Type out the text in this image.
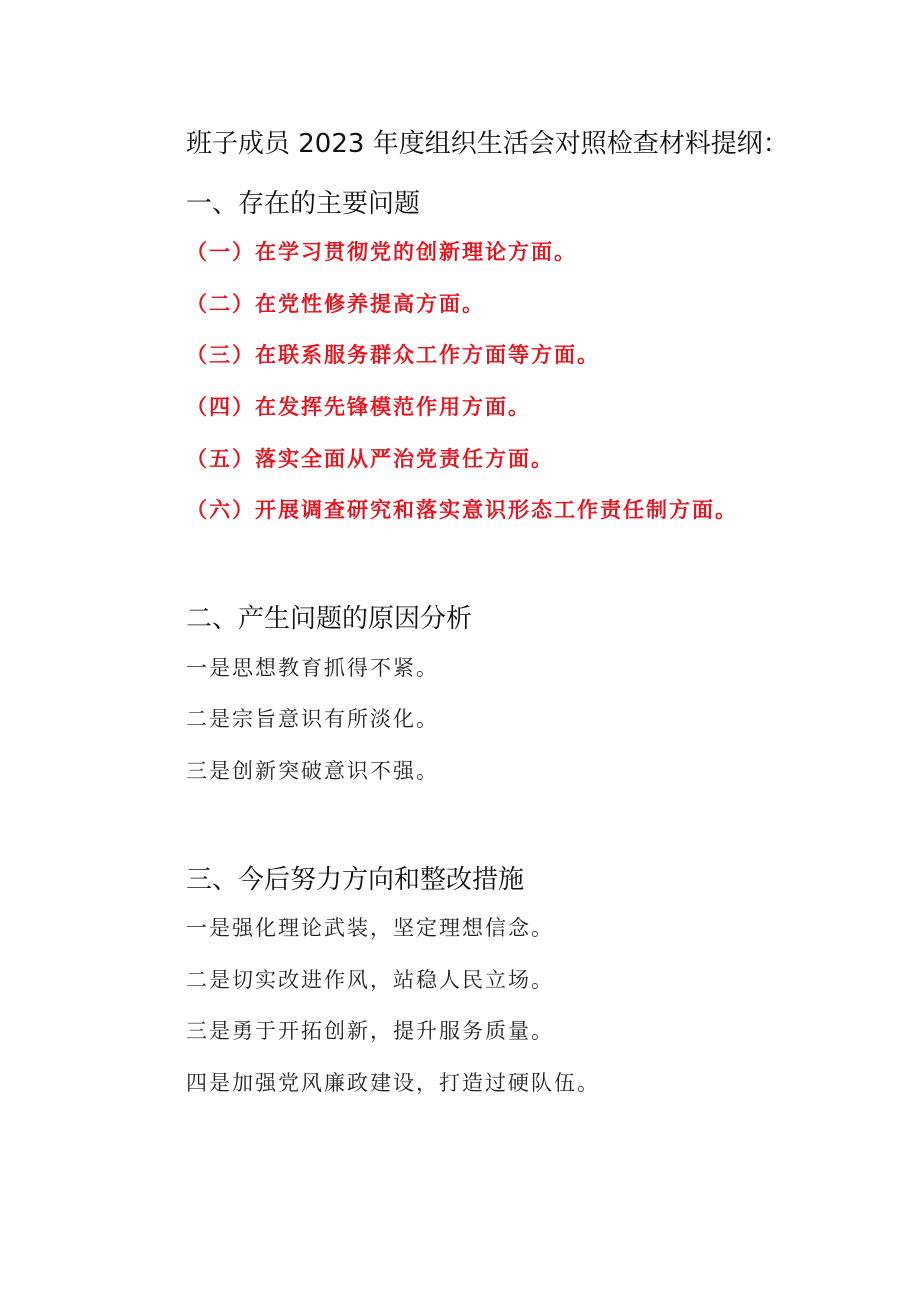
班子成员 2023 年度组织生活会对照检查材料提纲：
一、存在的主要问题
（一）在学习贯彻党的创新理论方面。
（二）在党性修养提高方面。
（三）在联系服务群众工作方面等方面。
（四）在发挥先锋模范作用方面。
（五）落实全面从严治党责任方面。
（六）开展调查研究和落实意识形态工作责任制方面。
二、产生问题的原因分析
一是思想教育抓得不紧。
二是宗旨意识有所淡化。
三是创新突破意识不强。
三、今后努力方向和整改措施
一是强化理论武装，坚定理想信念。
二是切实改进作风，站稳人民立场。
三是勇于开拓创新，提升服务质量。
四是加强党风廉政建设，打造过硬队伍。
